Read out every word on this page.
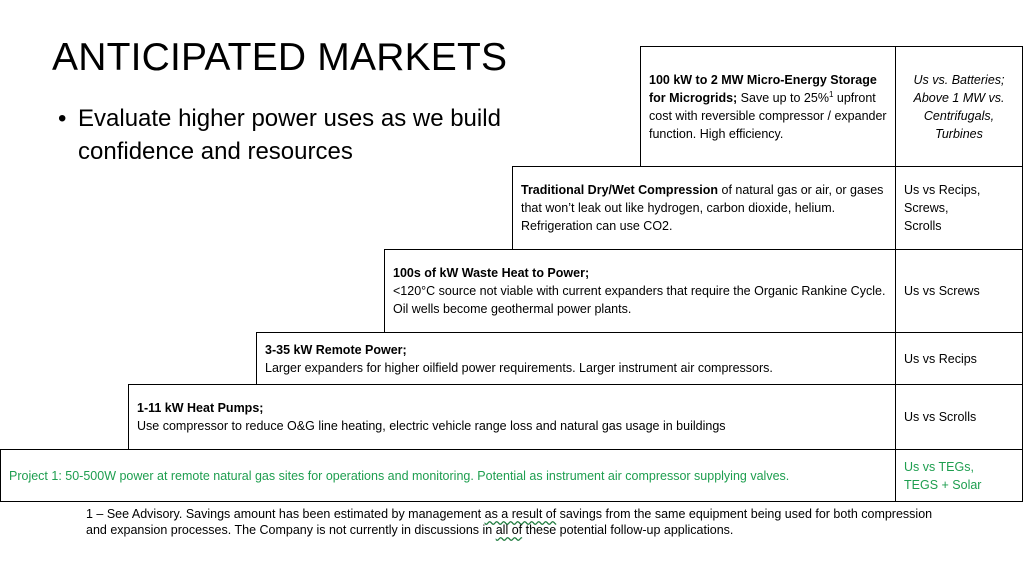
ANTICIPATED MARKETS
• Evaluate higher power uses as we build confidence and resources
100 kW to 2 MW Micro-Energy Storage for Microgrids; Save up to 25%$^1$ upfront cost with reversible compressor / expander function. High efficiency.
Us vs. Batteries; Above 1 MW vs. Centrifugals, Turbines
Traditional Dry/Wet Compression of natural gas or air, or gases that won’t leak out like hydrogen, carbon dioxide, helium. Refrigeration can use CO2.
Us vs Recips,
Screws,
Scrolls
100s of kW Waste Heat to Power;
<120°C source not viable with current expanders that require the Organic Rankine Cycle. Oil wells become geothermal power plants.
Us vs Screws
3-35 kW Remote Power;
Larger expanders for higher oilfield power requirements. Larger instrument air compressors.
Us vs Recips
1-11 kW Heat Pumps;
Use compressor to reduce O&G line heating, electric vehicle range loss and natural gas usage in buildings
Us vs Scrolls
Project 1: 50-500W power at remote natural gas sites for operations and monitoring. Potential as instrument air compressor supplying valves.
Us vs TEGs,
TEGS + Solar
1 – See Advisory. Savings amount has been estimated by management as a result of savings from the same equipment being used for both compression and expansion processes. The Company is not currently in discussions in all of these potential follow-up applications.
